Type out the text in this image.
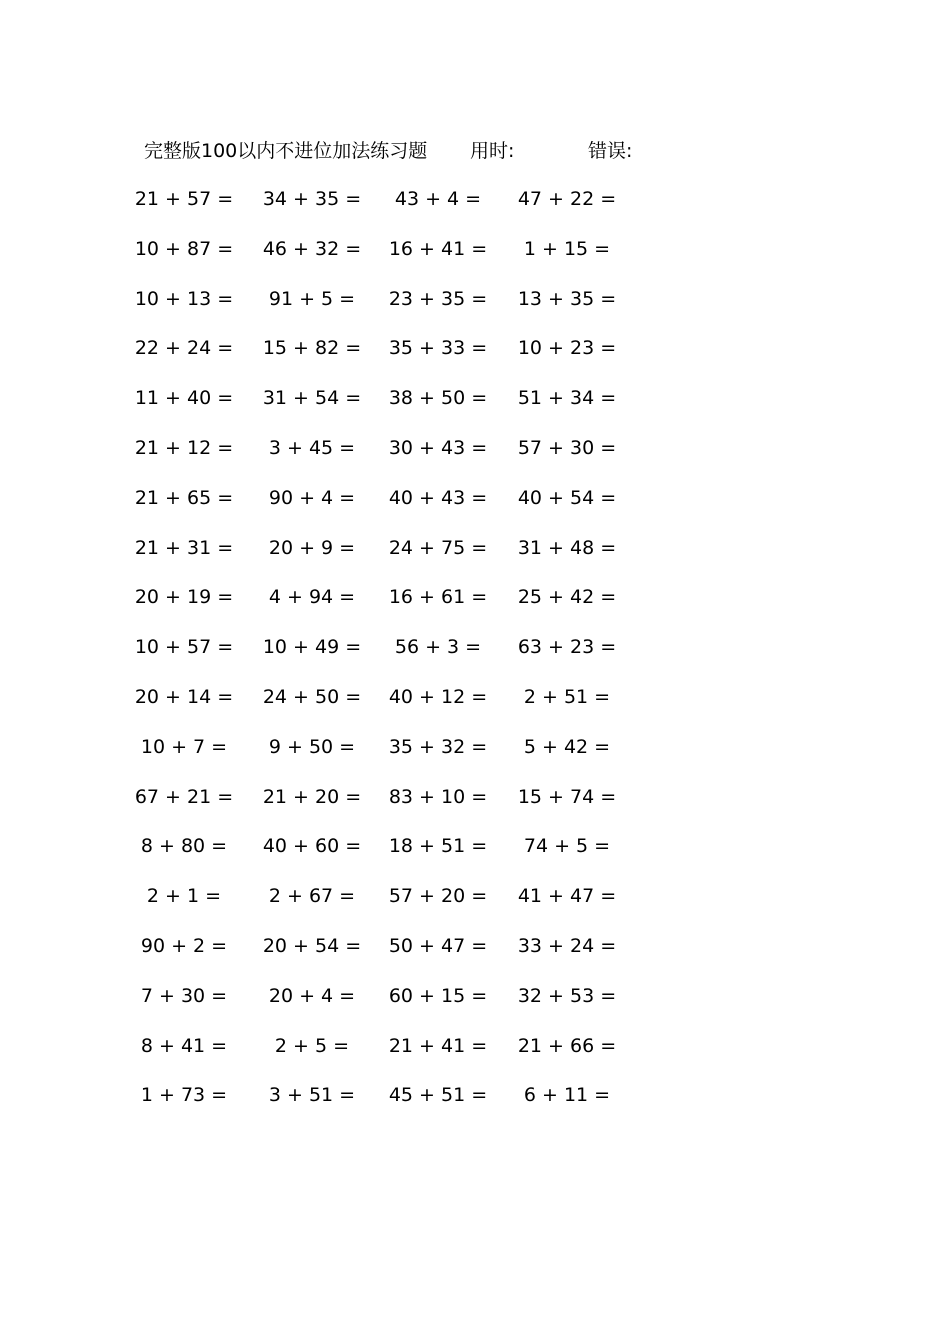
完整版100以内不进位加法练习题 用时:	错误:
21 + 57 = 34 + 35 =	43 + 4 =	47 + 22 =
10 + 87 = 46 + 32 = 16 + 41 =	1 + 15 =
10 + 13 =	91 + 5 =	23 + 35 = 13 + 35 =
22 + 24 = 15 + 82 = 35 + 33 = 10 + 23 =
11 + 40 = 31 + 54 = 38 + 50 = 51 + 34 =
21 + 12 =	3 + 45 =	30 + 43 = 57 + 30 =
21 + 65 =	90 + 4 =	40 + 43 = 40 + 54 =
21 + 31 =	20 + 9 =	24 + 75 = 31 + 48 =
20 + 19 =	4 + 94 =	16 + 61 = 25 + 42 =
10 + 57 = 10 + 49 =	56 + 3 =	63 + 23 =
20 + 14 = 24 + 50 = 40 + 12 =	2 + 51 =
10 + 7 =	9 + 50 =	35 + 32 =	5 + 42 =
67 + 21 = 21 + 20 = 83 + 10 = 15 + 74 =
8 + 80 =	40 + 60 = 18 + 51 =	74 + 5 =
2 + 1 =	2 + 67 =	57 + 20 = 41 + 47 =
90 + 2 =	20 + 54 = 50 + 47 = 33 + 24 =
7 + 30 =	20 + 4 =	60 + 15 = 32 + 53 =
8 + 41 =	2 + 5 =	21 + 41 = 21 + 66 =
1 + 73 =	3 + 51 =	45 + 51 =	6 + 11 =
